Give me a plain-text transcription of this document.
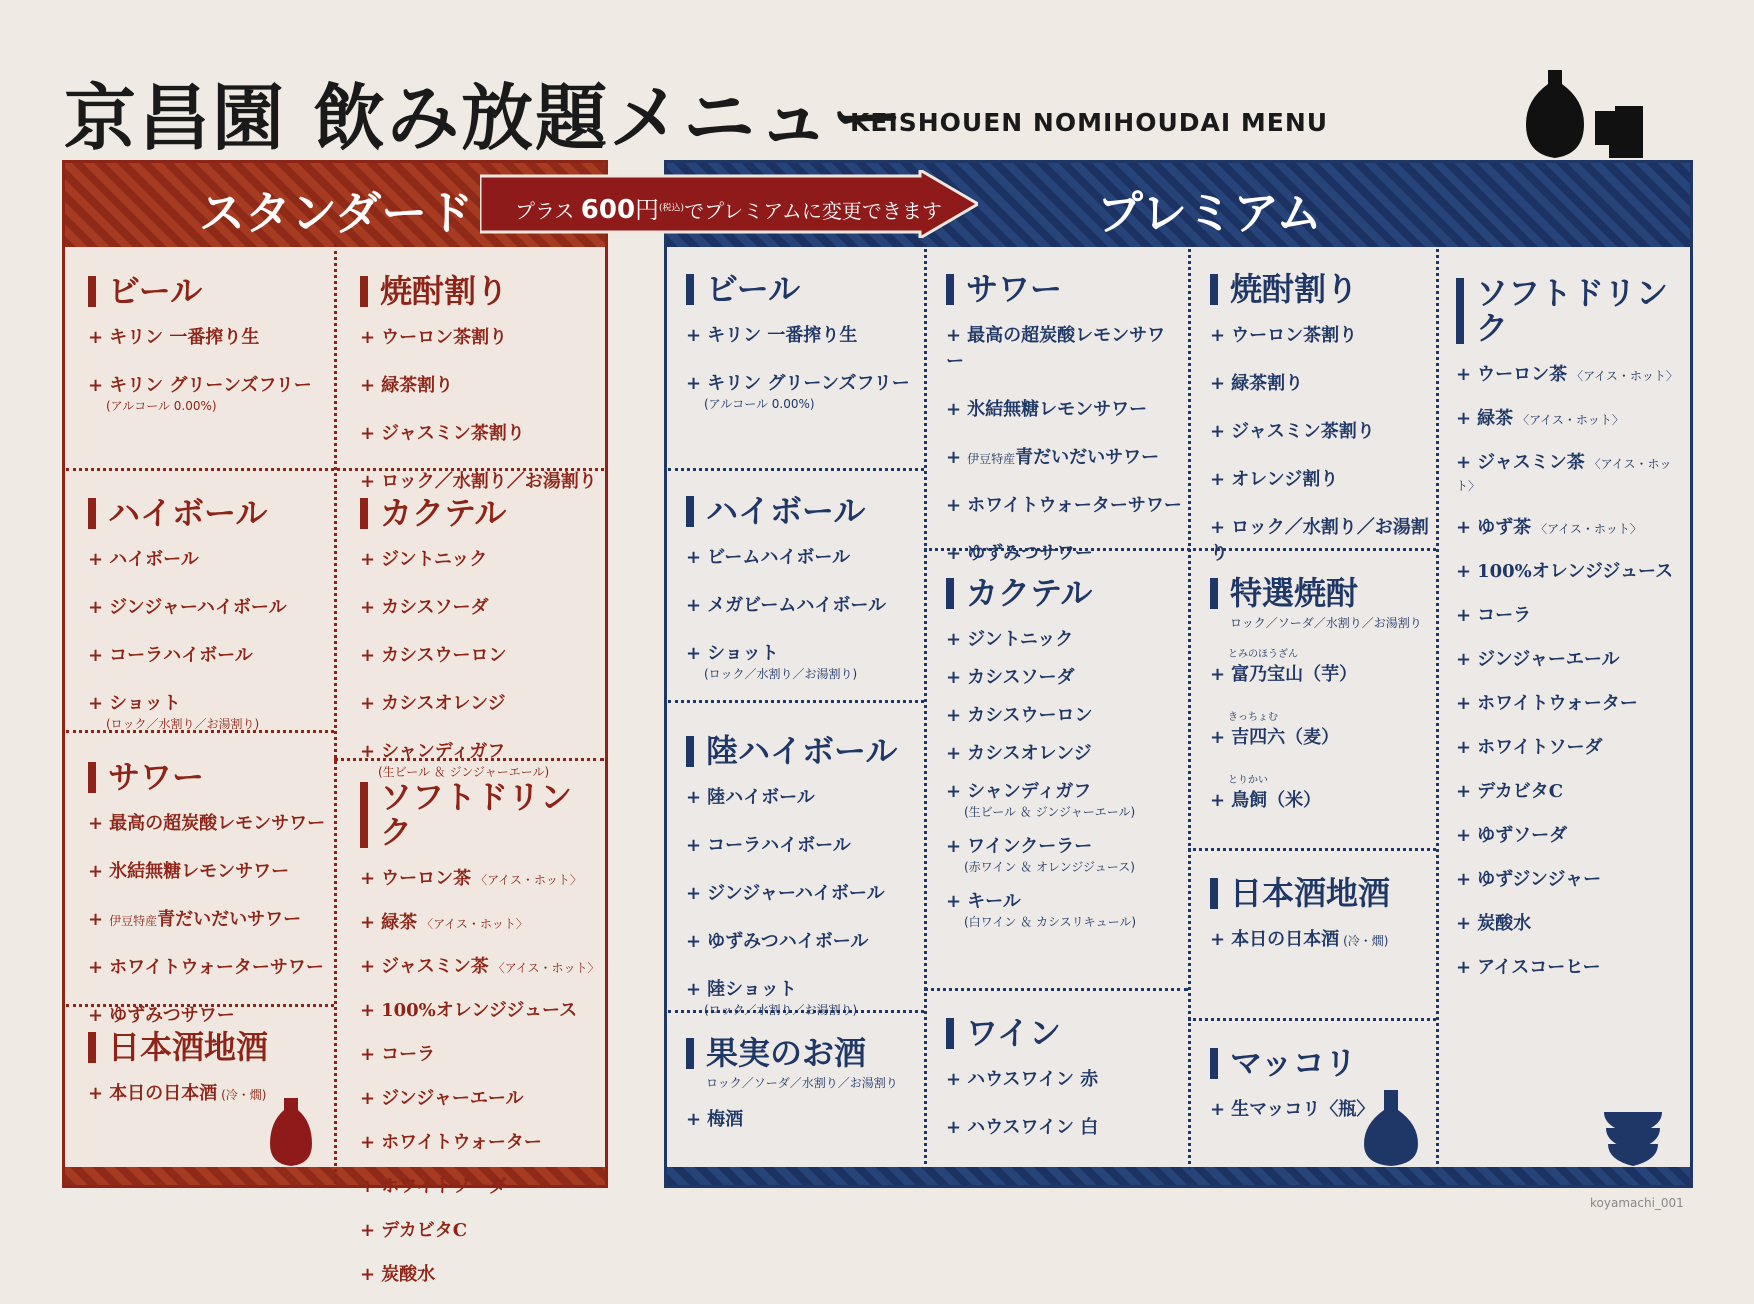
京昌園 飲み放題メニュー
KEISHOUEN NOMIHOUDAI MENU
スタンダード	プレミアム
プラス 600円$^{(税込)}$でプレミアムに変更できます
ビール
+ キリン 一番搾り生
+ キリン グリーンズフリー
(アルコール 0.00%)
ハイボール
+ ハイボール
+ ジンジャーハイボール
+ コーラハイボール
+ ショット
(ロック／水割り／お湯割り)
サワー
+ 最高の超炭酸レモンサワー
+ 氷結無糖レモンサワー
+ 伊豆特産青だいだいサワー
+ ホワイトウォーターサワー
+ ゆずみつサワー
日本酒地酒
+ 本日の日本酒 (冷・燗)
焼酎割り
+ ウーロン茶割り
+ 緑茶割り
+ ジャスミン茶割り
+ ロック／水割り／お湯割り
カクテル
+ ジントニック
+ カシスソーダ
+ カシスウーロン
+ カシスオレンジ
+ シャンディガフ
(生ビール ＆ ジンジャーエール)
ソフトドリンク
+ ウーロン茶 〈アイス・ホット〉
+ 緑茶 〈アイス・ホット〉
+ ジャスミン茶 〈アイス・ホット〉
+ 100%オレンジジュース
+ コーラ
+ ジンジャーエール
+ ホワイトウォーター
+ ホワイトソーダ
+ デカビタC
+ 炭酸水
ビール
+ キリン 一番搾り生
+ キリン グリーンズフリー
(アルコール 0.00%)
ハイボール
+ ビームハイボール
+ メガビームハイボール
+ ショット
(ロック／水割り／お湯割り)
陸ハイボール
+ 陸ハイボール
+ コーラハイボール
+ ジンジャーハイボール
+ ゆずみつハイボール
+ 陸ショット
(ロック／水割り／お湯割り)
果実のお酒
ロック／ソーダ／水割り／お湯割り
+ 梅酒
サワー
+ 最高の超炭酸レモンサワー
+ 氷結無糖レモンサワー
+ 伊豆特産青だいだいサワー
+ ホワイトウォーターサワー
+ ゆずみつサワー
カクテル
+ ジントニック
+ カシスソーダ
+ カシスウーロン
+ カシスオレンジ
+ シャンディガフ
(生ビール ＆ ジンジャーエール)
+ ワインクーラー
(赤ワイン ＆ オレンジジュース)
+ キール
(白ワイン ＆ カシスリキュール)
ワイン
+ ハウスワイン 赤
+ ハウスワイン 白
焼酎割り
+ ウーロン茶割り
+ 緑茶割り
+ ジャスミン茶割り
+ オレンジ割り
+ ロック／水割り／お湯割り
特選焼酎
ロック／ソーダ／水割り／お湯割り
とみのほうざん
+ 富乃宝山（芋）
きっちょむ
+ 吉四六（麦）
とりかい
+ 鳥飼（米）
日本酒地酒
+ 本日の日本酒 (冷・燗)
マッコリ
+ 生マッコリ〈瓶〉
ソフトドリンク
+ ウーロン茶 〈アイス・ホット〉
+ 緑茶 〈アイス・ホット〉
+ ジャスミン茶 〈アイス・ホット〉
+ ゆず茶 〈アイス・ホット〉
+ 100%オレンジジュース
+ コーラ
+ ジンジャーエール
+ ホワイトウォーター
+ ホワイトソーダ
+ デカビタC
+ ゆずソーダ
+ ゆずジンジャー
+ 炭酸水
+ アイスコーヒー
koyamachi_001
